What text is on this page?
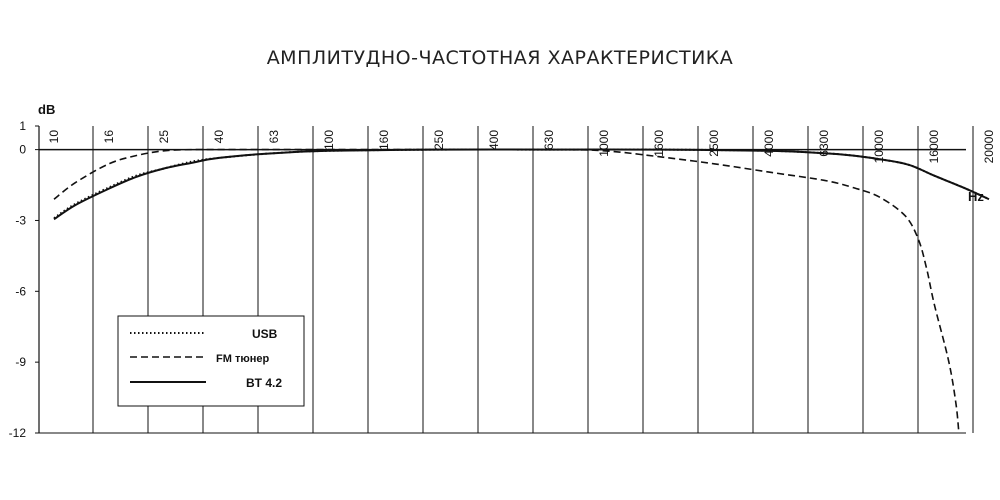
АМПЛИТУДНО-ЧАСТОТНАЯ ХАРАКТЕРИСТИКА
10	16	25	40	63	100	160	250	400	630	1000	1600	2500	4000	6300	10000	16000	20000
1
0
-3
-6
-9
-12
dB
Hz
USB
FM тюнер
BT 4.2
